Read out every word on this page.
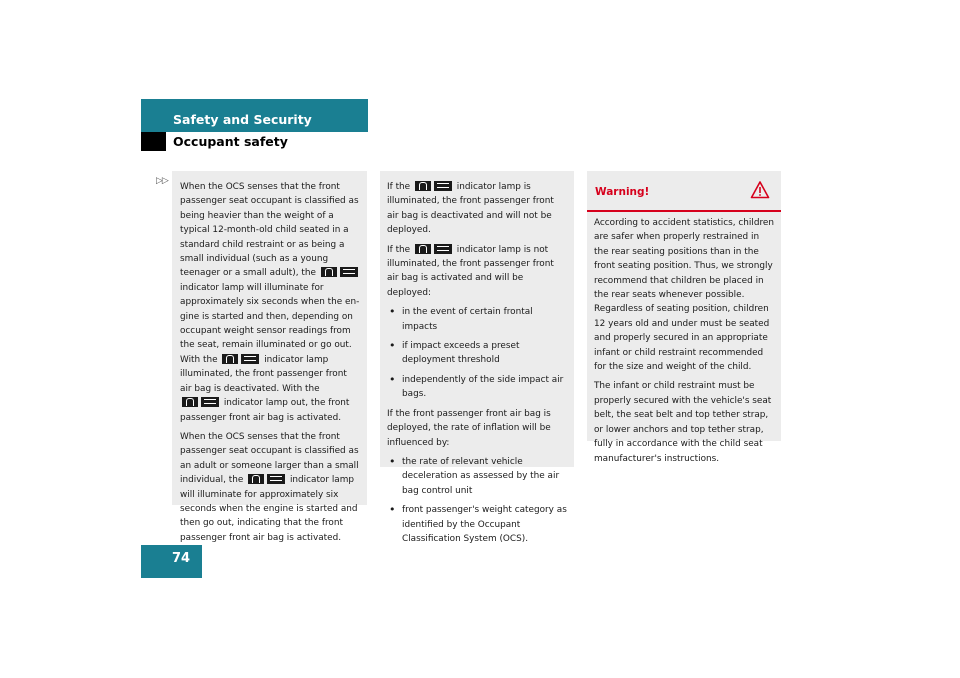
Safety and Security
Occupant safety
▷▷

When the OCS senses that the front passenger seat occupant is classified as being heavier than the weight of a typical 12-month-old child seated in a standard child restraint or as being a small individual (such as a young teenager or a small adult), the
indicator lamp will illuminate for approximately six seconds when the engine is started and then, depending on occupant weight sensor readings from the seat, remain illuminated or go out. With the	indicator lamp illuminated, the front passenger front air bag is deactivated. With the
indicator lamp out, the front passenger front air bag is activated.

When the OCS senses that the front passenger seat occupant is classified as an adult or someone larger than a small individual, the	indicator lamp will illuminate for approximately six seconds when the engine is started and then go out, indicating that the front passenger front air bag is activated.

If the	indicator lamp is illuminated, the front passenger front air bag is deactivated and will not be deployed.

If the	indicator lamp is not illuminated, the front passenger front air bag is activated and will be deployed:

• in the event of certain frontal impacts
• if impact exceeds a preset deployment threshold
• independently of the side impact air bags.

If the front passenger front air bag is deployed, the rate of inflation will be influenced by:

• the rate of relevant vehicle deceleration as assessed by the air bag control unit
• front passenger's weight category as identified by the Occupant Classification System (OCS).
Warning!

According to accident statistics, children are safer when properly restrained in the rear seating positions than in the front seating position. Thus, we strongly recommend that children be placed in the rear seats whenever possible. Regardless of seating position, children 12 years old and under must be seated and properly secured in an appropriate infant or child restraint recommended for the size and weight of the child.

The infant or child restraint must be properly secured with the vehicle's seat belt, the seat belt and top tether strap, or lower anchors and top tether strap, fully in accordance with the child seat manufacturer's instructions.

74
